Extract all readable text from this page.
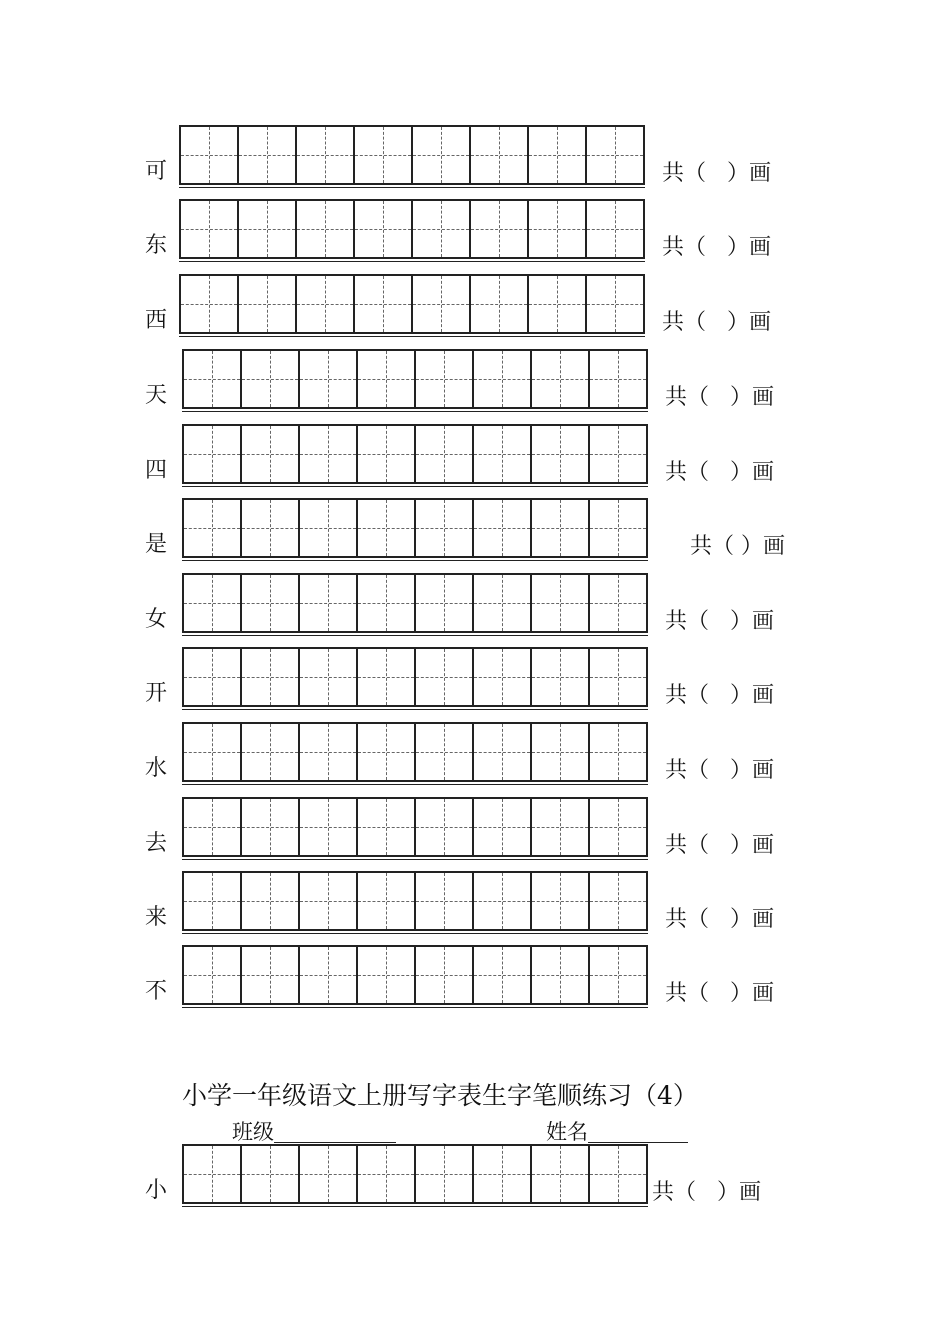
可	共（   ）画
东	共（   ）画
西	共（   ）画
天	共（   ）画
四	共（   ）画
是	共（ ）画
女	共（   ）画
开	共（   ）画
水	共（   ）画
去	共（   ）画
来	共（   ）画
不	共（   ）画
小学一年级语文上册写字表生字笔顺练习（4）
班级	姓名
小	共（   ）画
